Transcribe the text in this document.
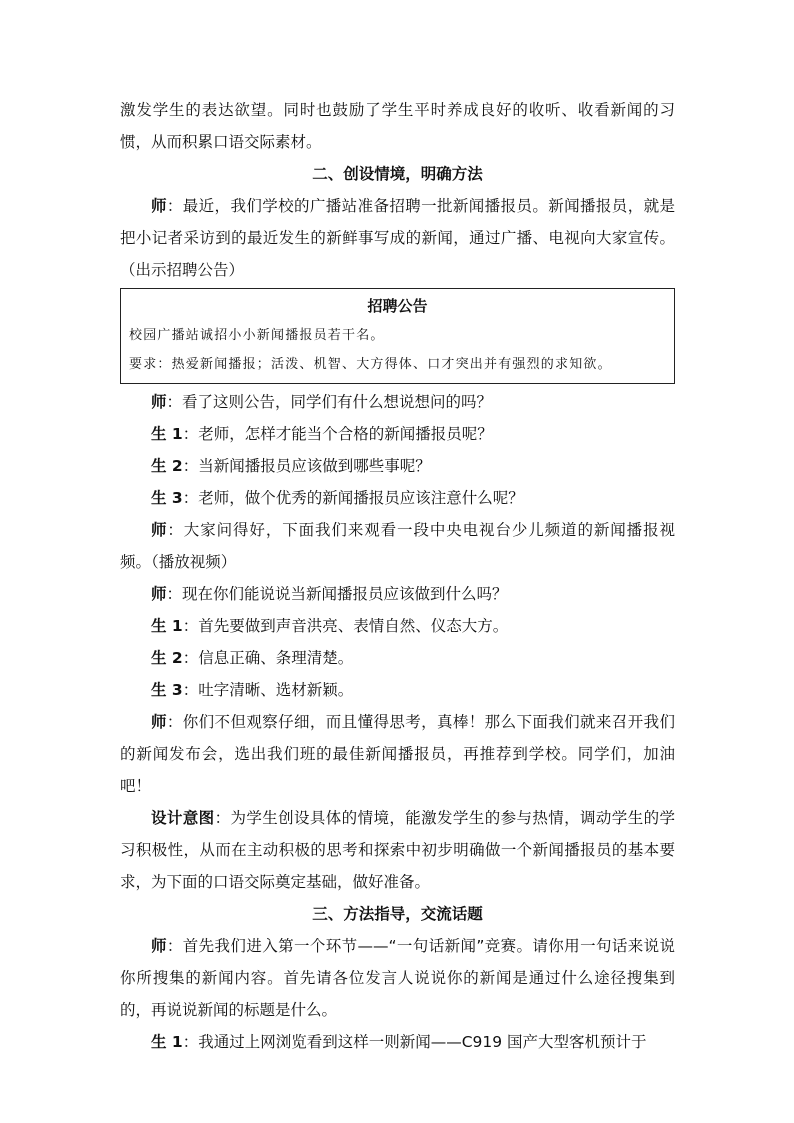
激发学生的表达欲望。同时也鼓励了学生平时养成良好的收听、收看新闻的习惯，从而积累口语交际素材。

二、创设情境，明确方法

师：最近，我们学校的广播站准备招聘一批新闻播报员。新闻播报员，就是把小记者采访到的最近发生的新鲜事写成的新闻，通过广播、电视向大家宣传。（出示招聘公告）

招聘公告
校园广播站诚招小小新闻播报员若干名。
要求：热爱新闻播报；活泼、机智、大方得体、口才突出并有强烈的求知欲。

师：看了这则公告，同学们有什么想说想问的吗？

生 1：老师，怎样才能当个合格的新闻播报员呢？

生 2：当新闻播报员应该做到哪些事呢？

生 3：老师，做个优秀的新闻播报员应该注意什么呢？

师：大家问得好，下面我们来观看一段中央电视台少儿频道的新闻播报视频。（播放视频）

师：现在你们能说说当新闻播报员应该做到什么吗？

生 1：首先要做到声音洪亮、表情自然、仪态大方。

生 2：信息正确、条理清楚。

生 3：吐字清晰、选材新颖。

师：你们不但观察仔细，而且懂得思考，真棒！那么下面我们就来召开我们的新闻发布会，选出我们班的最佳新闻播报员，再推荐到学校。同学们，加油吧！

设计意图：为学生创设具体的情境，能激发学生的参与热情，调动学生的学习积极性，从而在主动积极的思考和探索中初步明确做一个新闻播报员的基本要求，为下面的口语交际奠定基础，做好准备。

三、方法指导，交流话题

师：首先我们进入第一个环节——“一句话新闻”竞赛。请你用一句话来说说你所搜集的新闻内容。首先请各位发言人说说你的新闻是通过什么途径搜集到的，再说说新闻的标题是什么。

生 1：我通过上网浏览看到这样一则新闻——C919 国产大型客机预计于
